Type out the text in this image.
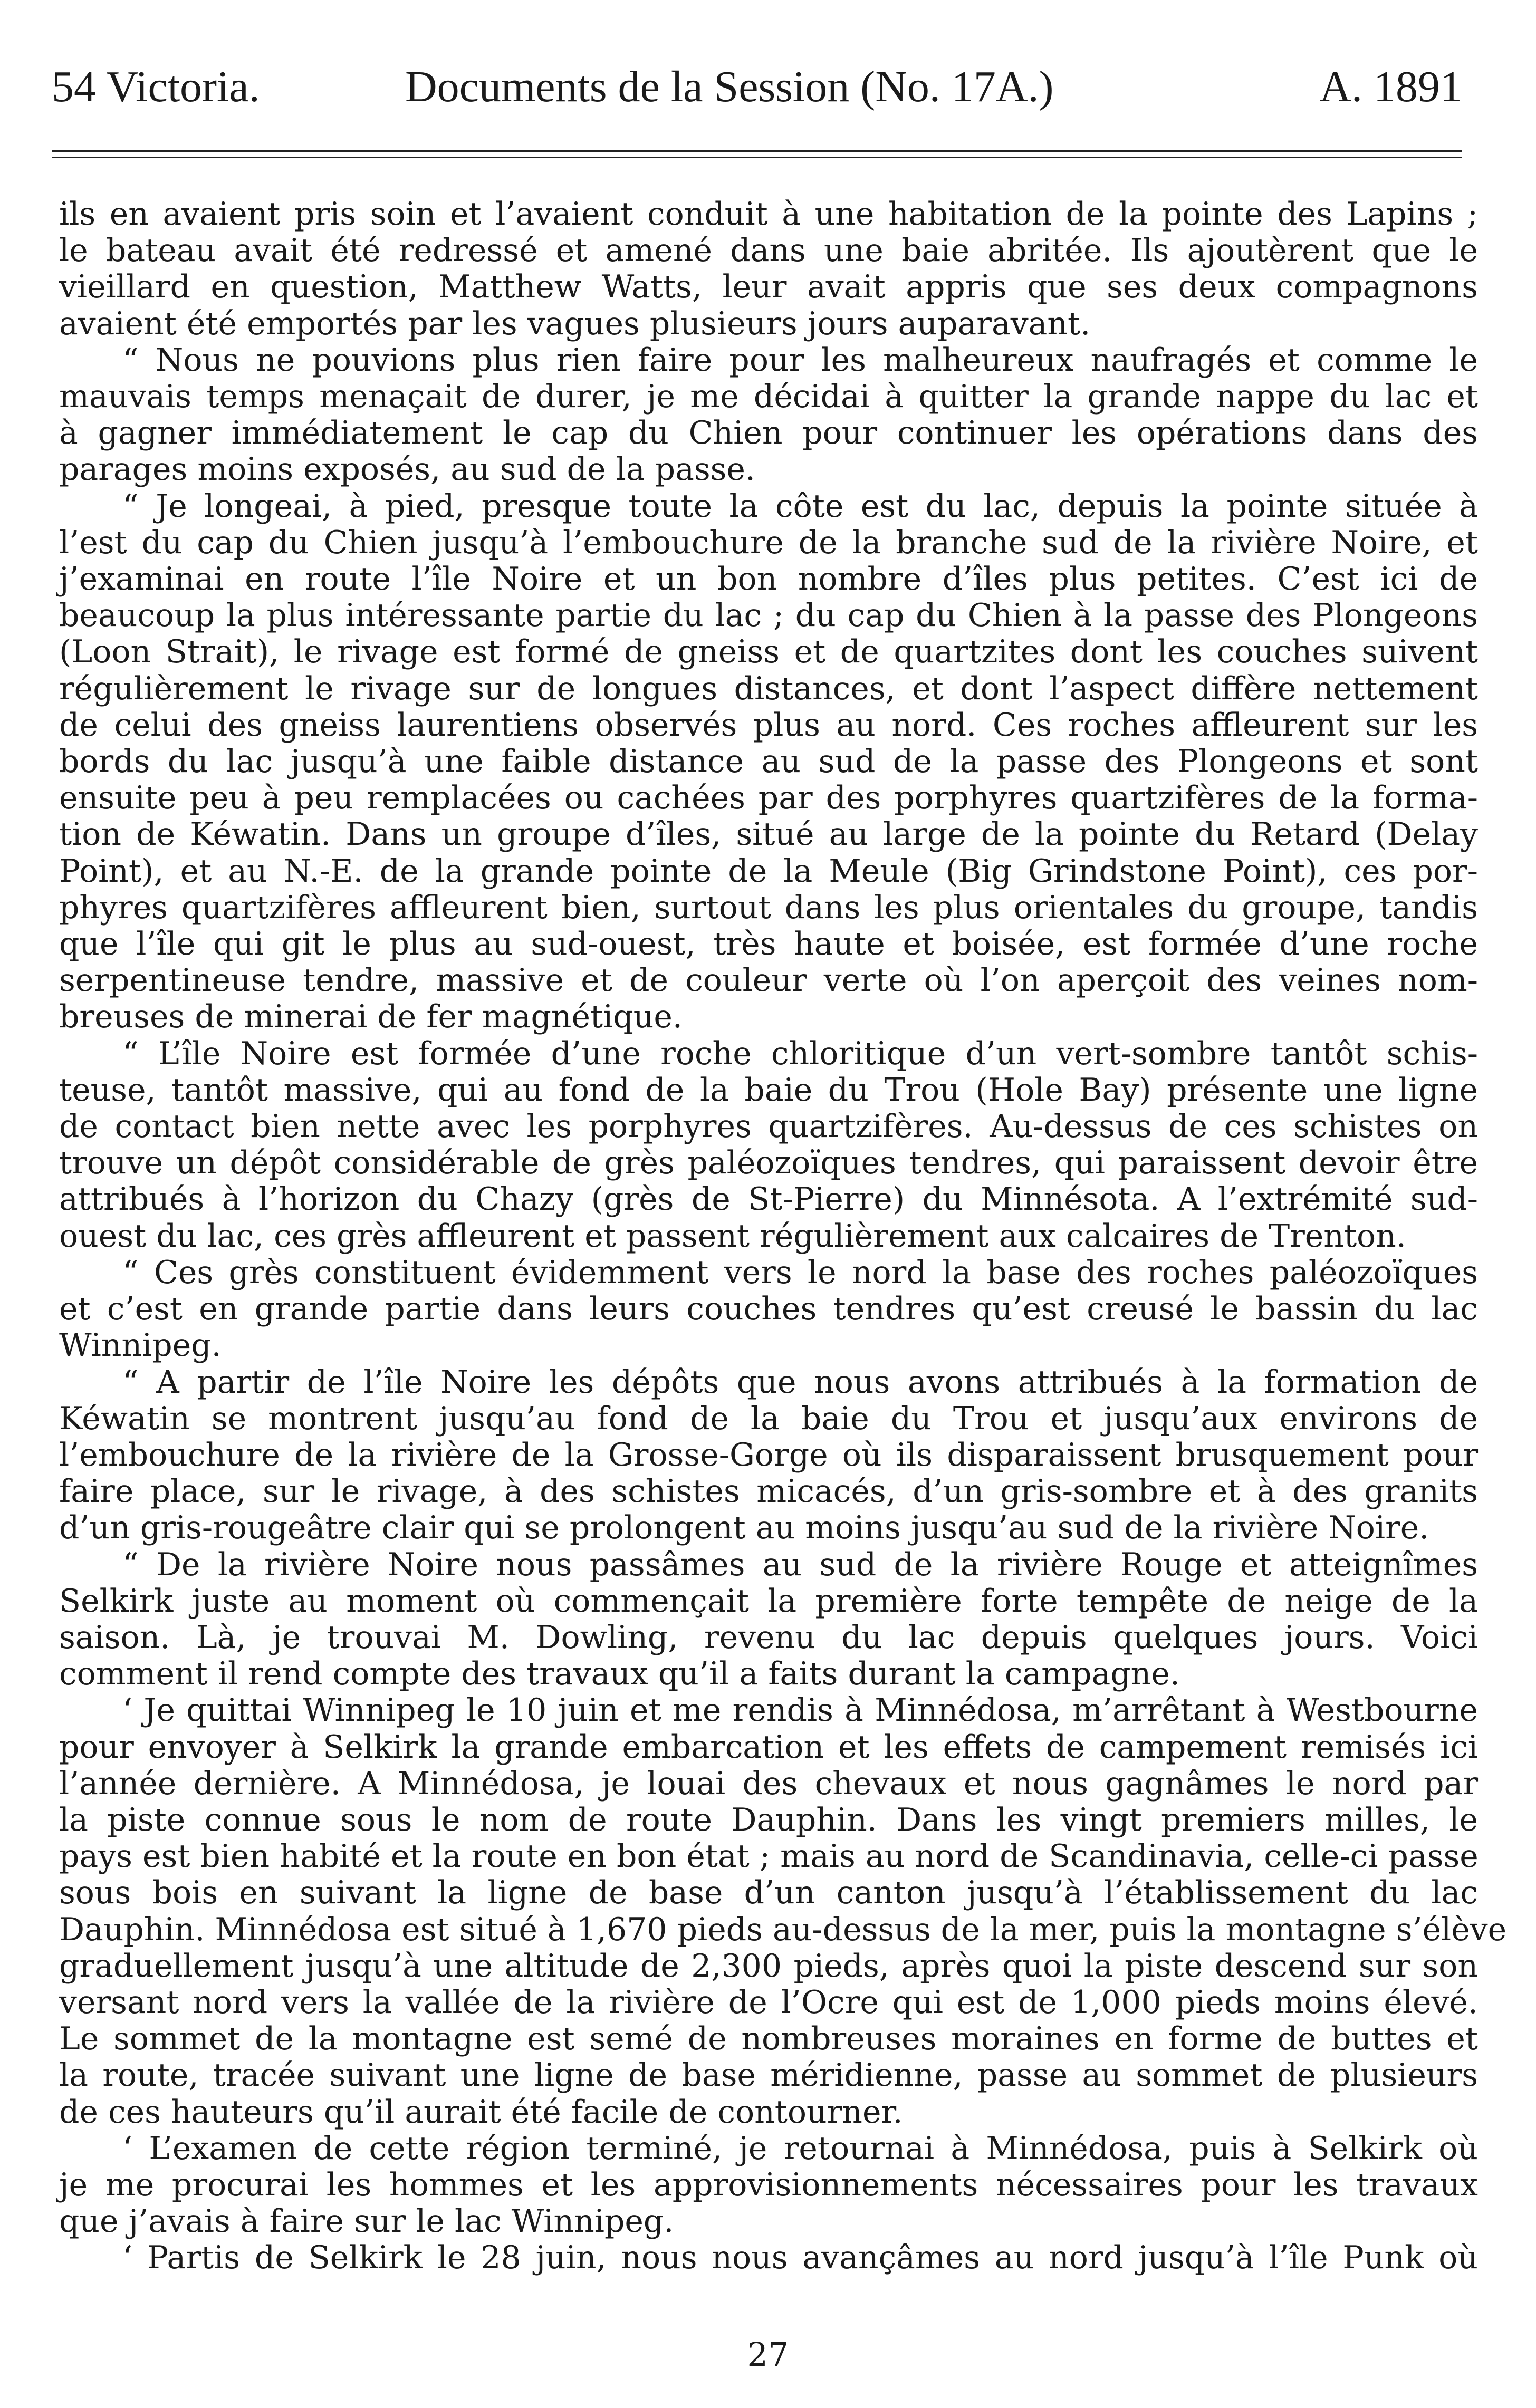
54 Victoria.	Documents de la Session (No. 17A.)	A. 1891
ils en avaient pris soin et l’avaient conduit à une habitation de la pointe des Lapins ;
le bateau avait été redressé et amené dans une baie abritée. Ils ajoutèrent que le
vieillard en question, Matthew Watts, leur avait appris que ses deux compagnons
avaient été emportés par les vagues plusieurs jours auparavant.
“ Nous ne pouvions plus rien faire pour les malheureux naufragés et comme le
mauvais temps menaçait de durer, je me décidai à quitter la grande nappe du lac et
à gagner immédiatement le cap du Chien pour continuer les opérations dans des
parages moins exposés, au sud de la passe.
“ Je longeai, à pied, presque toute la côte est du lac, depuis la pointe située à
l’est du cap du Chien jusqu’à l’embouchure de la branche sud de la rivière Noire, et
j’examinai en route l’île Noire et un bon nombre d’îles plus petites. C’est ici de
beaucoup la plus intéressante partie du lac ; du cap du Chien à la passe des Plongeons
(Loon Strait), le rivage est formé de gneiss et de quartzites dont les couches suivent
régulièrement le rivage sur de longues distances, et dont l’aspect diffère nettement
de celui des gneiss laurentiens observés plus au nord. Ces roches affleurent sur les
bords du lac jusqu’à une faible distance au sud de la passe des Plongeons et sont
ensuite peu à peu remplacées ou cachées par des porphyres quartzifères de la forma-
tion de Kéwatin. Dans un groupe d’îles, situé au large de la pointe du Retard (Delay
Point), et au N.-E. de la grande pointe de la Meule (Big Grindstone Point), ces por-
phyres quartzifères affleurent bien, surtout dans les plus orientales du groupe, tandis
que l’île qui git le plus au sud-ouest, très haute et boisée, est formée d’une roche
serpentineuse tendre, massive et de couleur verte où l’on aperçoit des veines nom-
breuses de minerai de fer magnétique.
“ L’île Noire est formée d’une roche chloritique d’un vert-sombre tantôt schis-
teuse, tantôt massive, qui au fond de la baie du Trou (Hole Bay) présente une ligne
de contact bien nette avec les porphyres quartzifères. Au-dessus de ces schistes on
trouve un dépôt considérable de grès paléozoïques tendres, qui paraissent devoir être
attribués à l’horizon du Chazy (grès de St-Pierre) du Minnésota. A l’extrémité sud-
ouest du lac, ces grès affleurent et passent régulièrement aux calcaires de Trenton.
“ Ces grès constituent évidemment vers le nord la base des roches paléozoïques
et c’est en grande partie dans leurs couches tendres qu’est creusé le bassin du lac
Winnipeg.
“ A partir de l’île Noire les dépôts que nous avons attribués à la formation de
Kéwatin se montrent jusqu’au fond de la baie du Trou et jusqu’aux environs de
l’embouchure de la rivière de la Grosse-Gorge où ils disparaissent brusquement pour
faire place, sur le rivage, à des schistes micacés, d’un gris-sombre et à des granits
d’un gris-rougeâtre clair qui se prolongent au moins jusqu’au sud de la rivière Noire.
“ De la rivière Noire nous passâmes au sud de la rivière Rouge et atteignîmes
Selkirk juste au moment où commençait la première forte tempête de neige de la
saison. Là, je trouvai M. Dowling, revenu du lac depuis quelques jours. Voici
comment il rend compte des travaux qu’il a faits durant la campagne.
‘ Je quittai Winnipeg le 10 juin et me rendis à Minnédosa, m’arrêtant à Westbourne
pour envoyer à Selkirk la grande embarcation et les effets de campement remisés ici
l’année dernière. A Minnédosa, je louai des chevaux et nous gagnâmes le nord par
la piste connue sous le nom de route Dauphin. Dans les vingt premiers milles, le
pays est bien habité et la route en bon état ; mais au nord de Scandinavia, celle-ci passe
sous bois en suivant la ligne de base d’un canton jusqu’à l’établissement du lac
Dauphin. Minnédosa est situé à 1,670 pieds au-dessus de la mer, puis la montagne s’élève
graduellement jusqu’à une altitude de 2,300 pieds, après quoi la piste descend sur son
versant nord vers la vallée de la rivière de l’Ocre qui est de 1,000 pieds moins élevé.
Le sommet de la montagne est semé de nombreuses moraines en forme de buttes et
la route, tracée suivant une ligne de base méridienne, passe au sommet de plusieurs
de ces hauteurs qu’il aurait été facile de contourner.
‘ L’examen de cette région terminé, je retournai à Minnédosa, puis à Selkirk où
je me procurai les hommes et les approvisionnements nécessaires pour les travaux
que j’avais à faire sur le lac Winnipeg.
‘ Partis de Selkirk le 28 juin, nous nous avançâmes au nord jusqu’à l’île Punk où
27
